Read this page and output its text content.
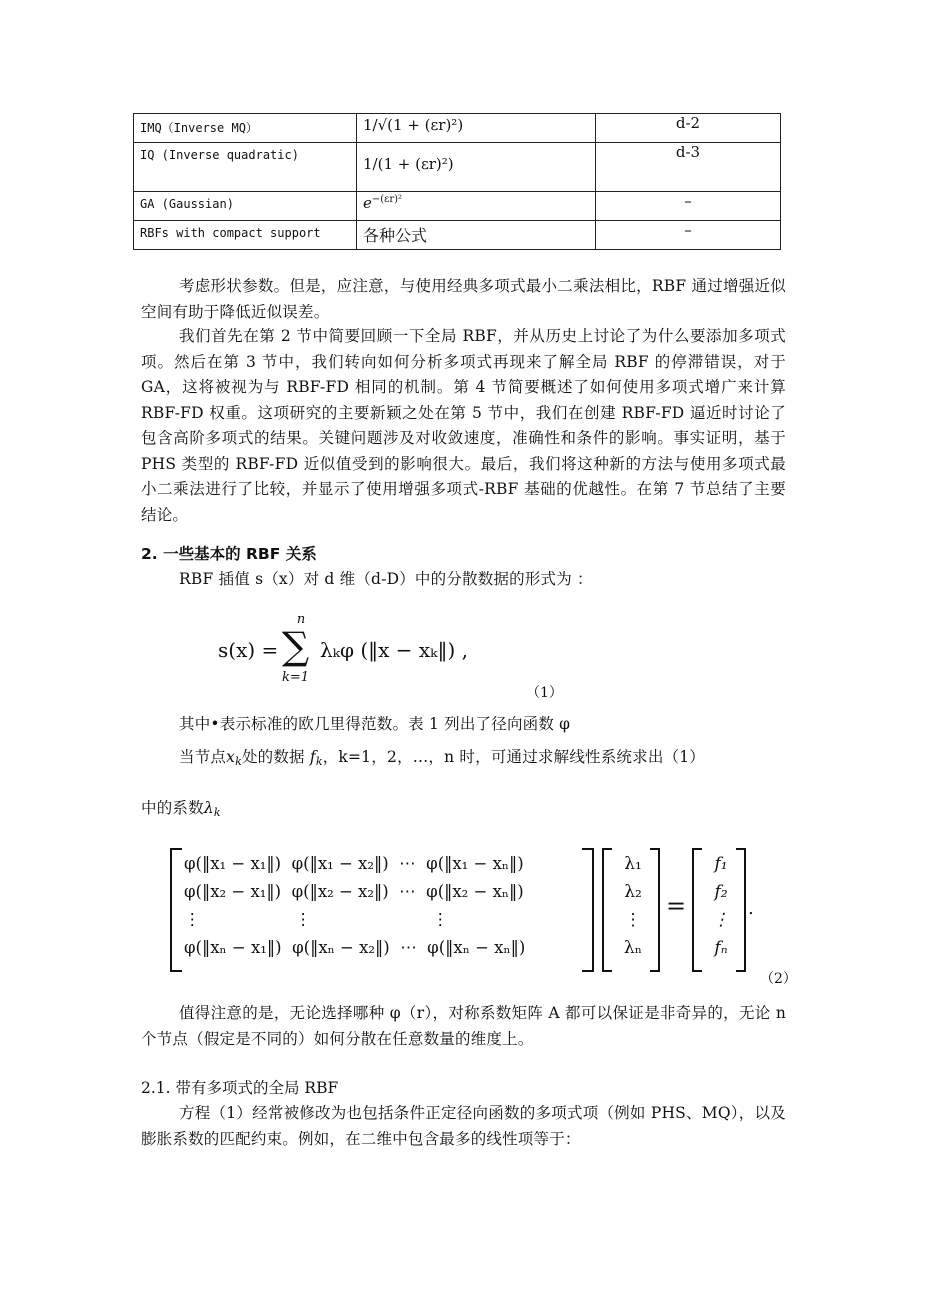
IMQ（Inverse MQ）	1/√(1 + (εr)²)	d-2
IQ (Inverse quadratic)	1/(1 + (εr)²)	d-3
GA (Gaussian)	$e^{-(\varepsilon r)^2}$	–
RBFs with compact support	各种公式	–
考虑形状参数。但是，应注意，与使用经典多项式最小二乘法相比，RBF 通过增强近似空间有助于降低近似误差。
我们首先在第 2 节中简要回顾一下全局 RBF，并从历史上讨论了为什么要添加多项式项。然后在第 3 节中，我们转向如何分析多项式再现来了解全局 RBF 的停滞错误，对于 GA，这将被视为与 RBF-FD 相同的机制。第 4 节简要概述了如何使用多项式增广来计算 RBF-FD 权重。这项研究的主要新颖之处在第 5 节中，我们在创建 RBF-FD 逼近时讨论了包含高阶多项式的结果。关键问题涉及对收敛速度，准确性和条件的影响。事实证明，基于 PHS 类型的 RBF-FD 近似值受到的影响很大。最后，我们将这种新的方法与使用多项式最小二乘法进行了比较，并显示了使用增强多项式-RBF 基础的优越性。在第 7 节总结了主要结论。
2. 一些基本的 RBF 关系
RBF 插值 s（x）对 d 维（d-D）中的分散数据的形式为 ：
s(x) =
n
∑
k=1
λₖφ (‖x − xₖ‖) ,
（1）
其中•表示标准的欧几里得范数。表 1 列出了径向函数 φ
当节点$x_k$处的数据 $f_k$，k=1，2，…，n 时，可通过求解线性系统求出（1）
中的系数$\lambda_k$
φ(‖x₁ − x₁‖)  φ(‖x₁ − x₂‖)  ⋯  φ(‖x₁ − xₙ‖)
φ(‖x₂ − x₁‖)  φ(‖x₂ − x₂‖)  ⋯  φ(‖x₂ − xₙ‖)
⋮                  ⋮                       ⋮
φ(‖xₙ − x₁‖)  φ(‖xₙ − x₂‖)  ⋯  φ(‖xₙ − xₙ‖)
λ₁
λ₂
⋮
λₙ
=
f₁
f₂
⋮
fₙ
.
（2）
值得注意的是，无论选择哪种 φ（r），对称系数矩阵 A 都可以保证是非奇异的，无论 n 个节点（假定是不同的）如何分散在任意数量的维度上。
2.1. 带有多项式的全局 RBF
方程（1）经常被修改为也包括条件正定径向函数的多项式项（例如 PHS、MQ），以及膨胀系数的匹配约束。例如，在二维中包含最多的线性项等于：
